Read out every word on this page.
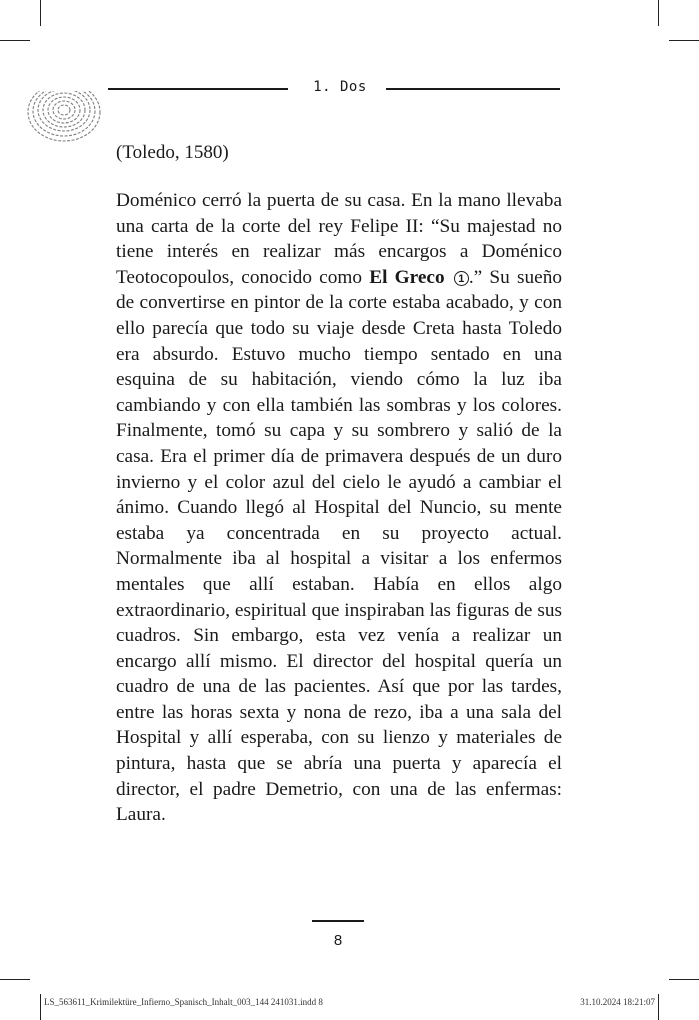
1. Dos
(Toledo, 1580)

Doménico cerró la puerta de su casa. En la mano llevaba una carta de la corte del rey Felipe II: “Su majestad no tiene interés en realizar más encargos a Doménico Teotocopoulos, conocido como El Greco 1 .” Su sueño de convertirse en pintor de la corte estaba acabado, y con ello parecía que todo su viaje desde Creta hasta Toledo era absurdo. Estuvo mucho tiempo sentado en una esquina de su habitación, viendo cómo la luz iba cambiando y con ella también las sombras y los colores. Finalmente, tomó su capa y su sombrero y salió de la casa. Era el primer día de primavera después de un duro invierno y el color azul del cielo le ayudó a cambiar el ánimo. Cuando llegó al Hospital del Nuncio, su mente estaba ya concentrada en su proyecto actual. Normalmente iba al hospital a visitar a los enfermos mentales que allí estaban. Había en ellos algo extraordinario, espiritual que inspiraban las figuras de sus cuadros. Sin embargo, esta vez venía a realizar un encargo allí mismo. El director del hospital quería un cuadro de una de las pacientes. Así que por las tardes, entre las horas sexta y nona de rezo, iba a una sala del Hospital y allí esperaba, con su lienzo y materiales de pintura, hasta que se abría una puerta y aparecía el director, el padre Demetrio, con una de las enfermas: Laura.

8
LS_563611_Krimilektüre_Infierno_Spanisch_Inhalt_003_144 241031.indd 8	31.10.2024 18:21:07
